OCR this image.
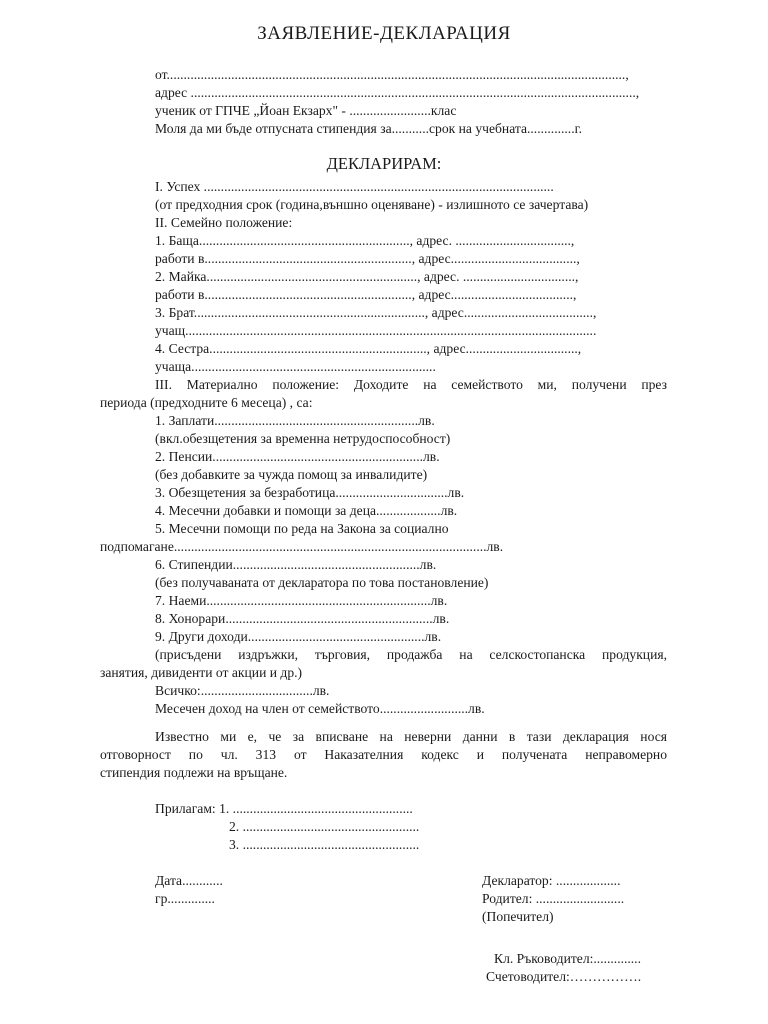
ЗАЯВЛЕНИЕ-ДЕКЛАРАЦИЯ
от.......................................................................................................................................,
адрес ...................................................................................................................................,
ученик от ГПЧЕ „Йоан Екзарх" - ........................клас
Моля да ми бъде отпусната стипендия за...........срок на учебната..............г.
ДЕКЛАРИРАМ:
I. Успех .......................................................................................................
(от предходния срок (година,външно оценяване) - излишното се зачертава)
II. Семейно положение:
1. Баща.............................................................., адрес. ..................................,
работи в............................................................., адрес.....................................,
2. Майка.............................................................., адрес. .................................,
работи в............................................................., адрес....................................,
3. Брат...................................................................., адрес......................................,
учащ.........................................................................................................................
4. Сестра................................................................, адрес.................................,
учаща........................................................................
III. Материално положение: Доходите на семейството ми, получени през
периода (предходните 6 месеца) , са:
1. Заплати............................................................лв.
(вкл.обезщетения за временна нетрудоспособност)
2. Пенсии..............................................................лв.
(без добавките за чужда помощ за инвалидите)
3. Обезщетения за безработица.................................лв.
4. Месечни добавки и помощи за деца...................лв.
5. Месечни помощи по реда на Закона за социално
подпомагане............................................................................................лв.
6. Стипендии.......................................................лв.
(без получаваната от декларатора по това постановление)
7. Наеми..................................................................лв.
8. Хонорари.............................................................лв.
9. Други доходи....................................................лв.
(присъдени издръжки, търговия, продажба на селскостопанска продукция,
занятия, дивиденти от акции и др.)
Всичко:.................................лв.
Месечен доход на член от семейството..........................лв.
Известно ми е, че за вписване на неверни данни в тази декларация нося
отговорност по чл. 313 от Наказателния кодекс и получената неправомерно
стипендия подлежи на връщане.
Прилагам: 1. .....................................................
2. ....................................................
3. ....................................................
Дата............
гр..............
Декларатор: ...................
Родител: ..........................
(Попечител)
Кл. Ръководител:..............
Счетоводител:…………….
